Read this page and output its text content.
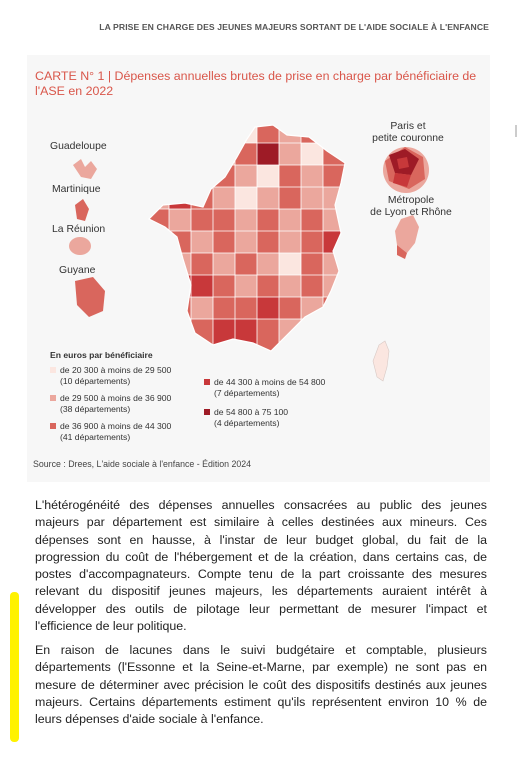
LA PRISE EN CHARGE DES JEUNES MAJEURS SORTANT DE L'AIDE SOCIALE À L'ENFANCE
CARTE N° 1 | Dépenses annuelles brutes de prise en charge par bénéficiaire de l'ASE en 2022
Guadeloupe
Martinique
La Réunion
Guyane
Paris et
petite couronne
Métropole
de Lyon et Rhône
En euros par bénéficiaire
de 20 300 à moins de 29 500
(10 départements)
de 29 500 à moins de 36 900
(38 départements)
de 36 900 à moins de 44 300
(41 départements)
de 44 300 à moins de 54 800
(7 départements)
de 54 800 à 75 100
(4 départements)
Source : Drees, L'aide sociale à l'enfance - Édition 2024

L'hétérogénéité des dépenses annuelles consacrées au public des jeunes majeurs par département est similaire à celles destinées aux mineurs. Ces dépenses sont en hausse, à l'instar de leur budget global, du fait de la progression du coût de l'hébergement et de la création, dans certains cas, de postes d'accompagnateurs. Compte tenu de la part croissante des mesures relevant du dispositif jeunes majeurs, les départements auraient intérêt à développer des outils de pilotage leur permettant de mesurer l'impact et l'efficience de leur politique.

En raison de lacunes dans le suivi budgétaire et comptable, plusieurs départements (l'Essonne et la Seine-et-Marne, par exemple) ne sont pas en mesure de déterminer avec précision le coût des dispositifs destinés aux jeunes majeurs. Certains départements estiment qu'ils représentent environ 10 % de leurs dépenses d'aide sociale à l'enfance.
